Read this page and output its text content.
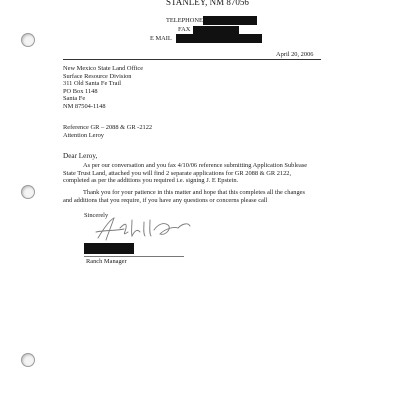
STANLEY, NM 87056
TELEPHONE
FAX
E MAIL
April 20, 2006
New Mexico State Land Office
Surface Resource Division
311 Old Santa Fe Trail
PO Box 1148
Santa Fe
NM 87504-1148
Reference GR – 2088 & GR -2122
Attention Leroy
Dear Leroy,
As per our conversation and you fax 4/10/06 reference submitting Application Sublease
State Trust Land, attached you will find 2 separate applications for GR 2088 & GR 2122,
completed as per the additions you required i.e. signing J. E Epstein.
Thank you for your patience in this matter and hope that this completes all the changes
and additions that you require, if you have any questions or concerns please call
Sincerely
Ranch Manager
